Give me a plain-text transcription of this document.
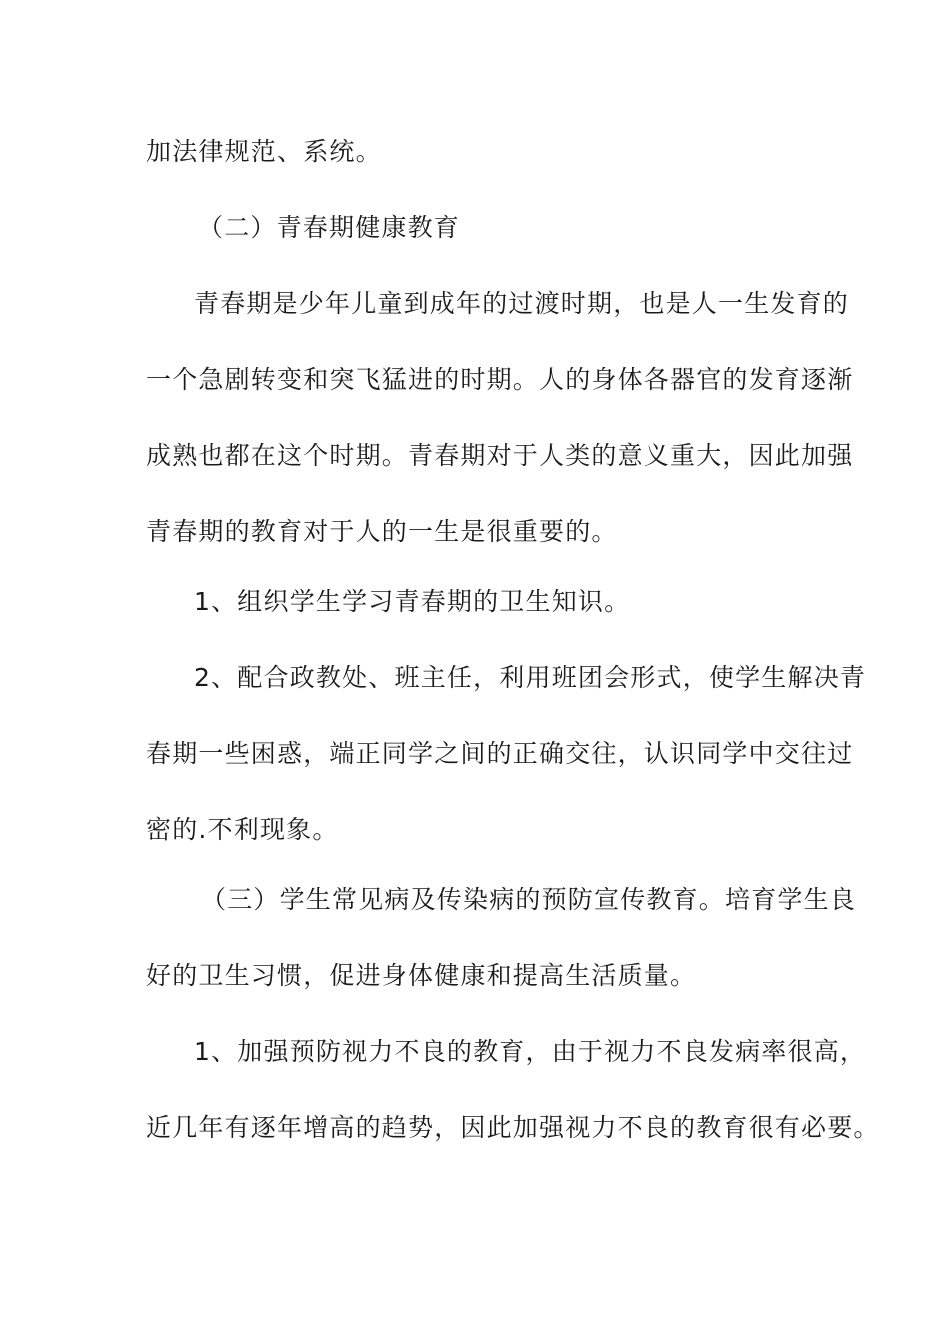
加法律规范、系统。
（二）青春期健康教育
青春期是少年儿童到成年的过渡时期，也是人一生发育的
一个急剧转变和突飞猛进的时期。人的身体各器官的发育逐渐
成熟也都在这个时期。青春期对于人类的意义重大，因此加强
青春期的教育对于人的一生是很重要的。
1、组织学生学习青春期的卫生知识。
2、配合政教处、班主任，利用班团会形式，使学生解决青
春期一些困惑，端正同学之间的正确交往，认识同学中交往过
密的.不利现象。
（三）学生常见病及传染病的预防宣传教育。培育学生良
好的卫生习惯，促进身体健康和提高生活质量。
1、加强预防视力不良的教育，由于视力不良发病率很高，
近几年有逐年增高的趋势，因此加强视力不良的教育很有必要。
